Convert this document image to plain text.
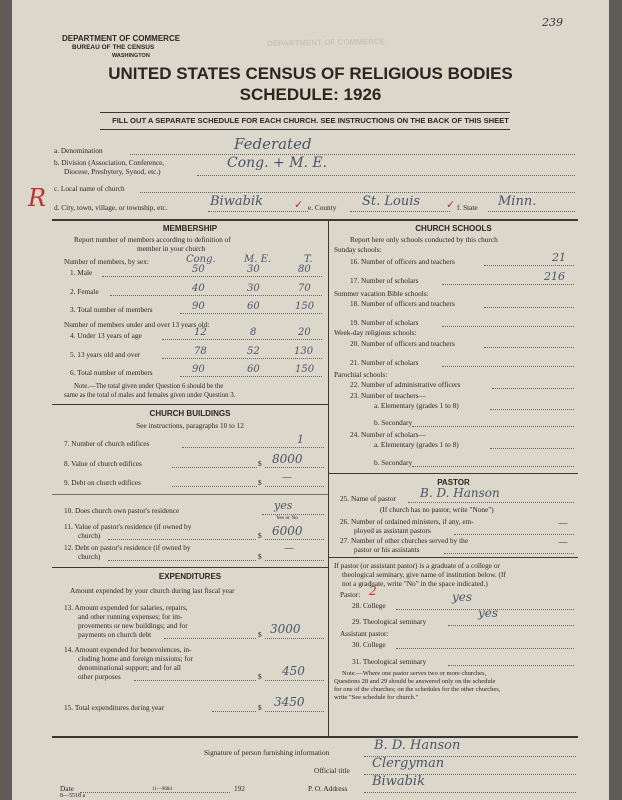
DEPARTMENT OF COMMERCE
BUREAU OF THE CENSUS
WASHINGTON
239
DEPARTMENT OF COMMERCE
UNITED STATES CENSUS OF RELIGIOUS BODIES
SCHEDULE: 1926
FILL OUT A SEPARATE SCHEDULE FOR EACH CHURCH. SEE INSTRUCTIONS ON THE BACK OF THIS SHEET
a. Denomination	Federated
b. Division (Association, Conference,
Diocese, Presbytery, Synod, etc.)
Cong. + M. E.
R c. Local name of church
d. City, town, village, or township, etc.	Biwabik	✓ e. County St. Louis ✓ f. State Minn.
MEMBERSHIP
Report number of members according to definition of
member in your church
Number of members, by sex:	Cong.	M. E.	T.
1. Male	50	30	80
2. Female	40	30	70
3. Total number of members	90	60	150
Number of members under and over 13 years old:
4. Under 13 years of age	12	8	20
5. 13 years old and over	78	52	130
6. Total number of members	90	60	150
Note.—The total given under Question 6 should be the
same as the total of males and females given under Question 3.
CHURCH BUILDINGS
See instructions, paragraphs 10 to 12
7. Number of church edifices	1
8. Value of church edifices	$ 8000
9. Debt on church edifices	$ —
10. Does church own pastor's residence	yes
Yes or No
11. Value of pastor's residence (if owned by
church)	$ 6000
12. Debt on pastor's residence (if owned by
church)	$
—
EXPENDITURES
Amount expended by your church during last fiscal year
13. Amount expended for salaries, repairs,
and other running expenses; for im-
provements or new buildings; and for
payments on church debt	$ 3000
14. Amount expended for benevolences, in-
cluding home and foreign missions; for
denominational support; and for all
other purposes	$ 450
15. Total expenditures during year	$ 3450
CHURCH SCHOOLS
Report here only schools conducted by this church
Sunday schools:
16. Number of officers and teachers	21
17. Number of scholars	216
Summer vacation Bible schools:
18. Number of officers and teachers
19. Number of scholars
Week-day religious schools:
20. Number of officers and teachers
21. Number of scholars
Parochial schools:
22. Number of administrative officers
23. Number of teachers—
a. Elementary (grades 1 to 8)
b. Secondary
24. Number of scholars—
a. Elementary (grades 1 to 8)
b. Secondary
PASTOR
25. Name of pastor B. D. Hanson
(If church has no pastor, write "None")
26. Number of ordained ministers, if any, em-
ployed as assistant pastors
—
27. Number of other churches served by the
pastor or his assistants
—
If pastor (or assistant pastor) is a graduate of a college or
theological seminary, give name of institution below. (If
not a graduate, write "No" in the space indicated.)
Pastor: 2
28. College
yes
29. Theological seminary
yes
Assistant pastor:
30. College
31. Theological seminary
Note.—Where one pastor serves two or more churches,
Questions 28 and 29 should be answered only on the schedule
for one of the churches; on the schedules for the other churches,
write "See schedule for church."
Signature of person furnishing information	B. D. Hanson
Official title Clergyman
Date	192
8—5518 a
11—9684	P. O. Address Biwabik
